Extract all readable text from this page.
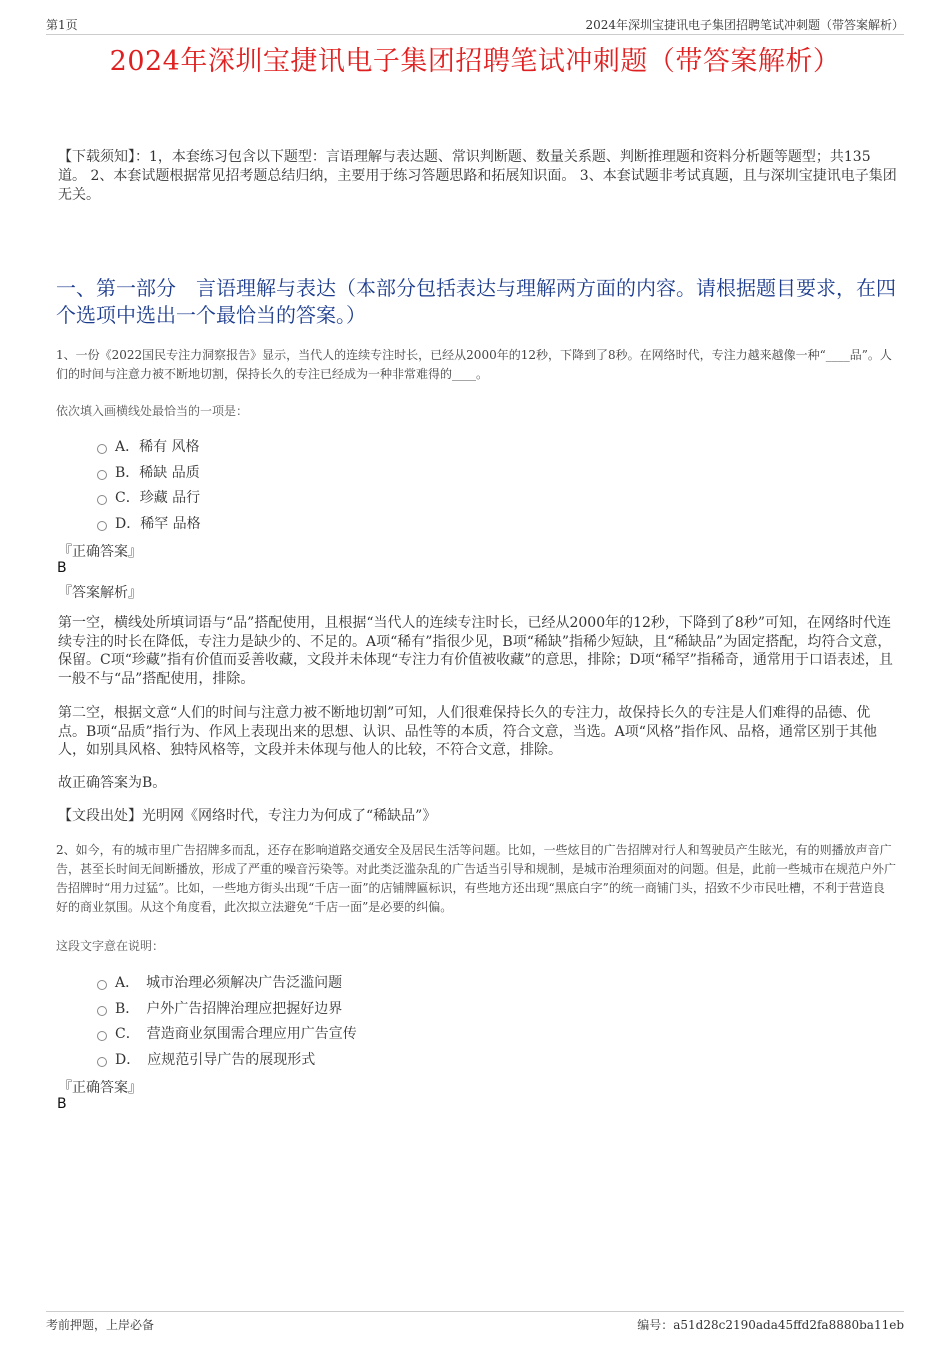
第1页	2024年深圳宝捷讯电子集团招聘笔试冲刺题（带答案解析）
2024年深圳宝捷讯电子集团招聘笔试冲刺题（带答案解析）
【下载须知】：1，本套练习包含以下题型：言语理解与表达题、常识判断题、数量关系题、判断推理题和资料分析题等题型；共135道。 2、本套试题根据常见招考题总结归纳，主要用于练习答题思路和拓展知识面。 3、本套试题非考试真题，且与深圳宝捷讯电子集团无关。
一、第一部分　言语理解与表达（本部分包括表达与理解两方面的内容。请根据题目要求，在四个选项中选出一个最恰当的答案。）
1、一份《2022国民专注力洞察报告》显示，当代人的连续专注时长，已经从2000年的12秒，下降到了8秒。在网络时代，专注力越来越像一种“____品”。人们的时间与注意力被不断地切割，保持长久的专注已经成为一种非常难得的____。
依次填入画横线处最恰当的一项是：
A．稀有 风格
B．稀缺 品质
C．珍藏 品行
D．稀罕 品格
『正确答案』
B
『答案解析』
第一空，横线处所填词语与“品”搭配使用，且根据“当代人的连续专注时长，已经从2000年的12秒，下降到了8秒”可知，在网络时代连续专注的时长在降低，专注力是缺少的、不足的。A项“稀有”指很少见，B项“稀缺”指稀少短缺，且“稀缺品”为固定搭配，均符合文意，保留。C项“珍藏”指有价值而妥善收藏，文段并未体现“专注力有价值被收藏”的意思，排除；D项“稀罕”指稀奇，通常用于口语表述，且一般不与“品”搭配使用，排除。
第二空，根据文意“人们的时间与注意力被不断地切割”可知，人们很难保持长久的专注力，故保持长久的专注是人们难得的品德、优点。B项“品质”指行为、作风上表现出来的思想、认识、品性等的本质，符合文意，当选。A项“风格”指作风、品格，通常区别于其他人，如别具风格、独特风格等，文段并未体现与他人的比较，不符合文意，排除。
故正确答案为B。
【文段出处】光明网《网络时代，专注力为何成了“稀缺品”》
2、如今，有的城市里广告招牌多而乱，还存在影响道路交通安全及居民生活等问题。比如，一些炫目的广告招牌对行人和驾驶员产生眩光，有的则播放声音广告，甚至长时间无间断播放，形成了严重的噪音污染等。对此类泛滥杂乱的广告适当引导和规制，是城市治理须面对的问题。但是，此前一些城市在规范户外广告招牌时“用力过猛”。比如，一些地方街头出现“千店一面”的店铺牌匾标识，有些地方还出现“黑底白字”的统一商铺门头，招致不少市民吐槽，不利于营造良好的商业氛围。从这个角度看，此次拟立法避免“千店一面”是必要的纠偏。
这段文字意在说明：
A．　城市治理必须解决广告泛滥问题
B．　户外广告招牌治理应把握好边界
C．　营造商业氛围需合理应用广告宣传
D．　应规范引导广告的展现形式
『正确答案』
B
考前押题，上岸必备	编号：a51d28c2190ada45ffd2fa8880ba11eb
